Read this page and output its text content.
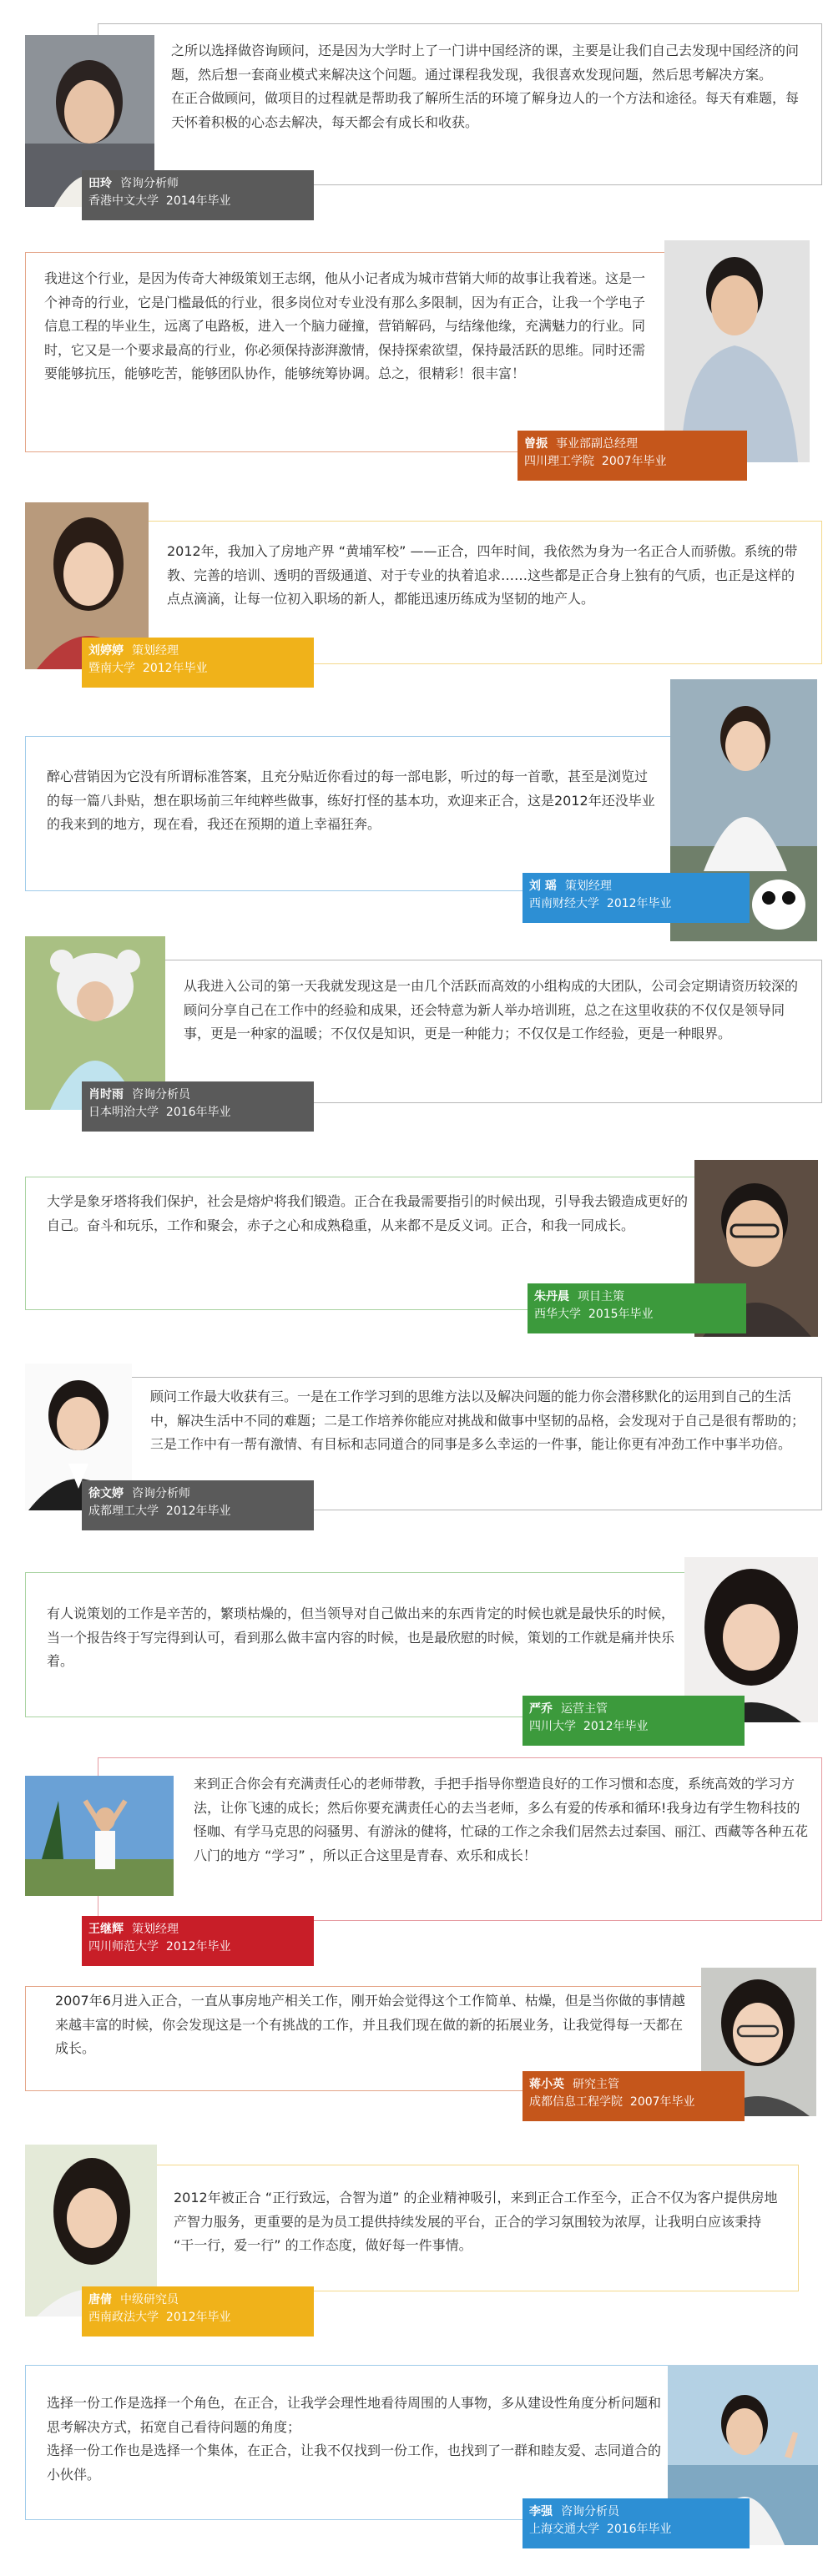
田玲 咨询分析师
香港中文大学 2014年毕业

之所以选择做咨询顾问，还是因为大学时上了一门讲中国经济的课，主要是让我们自己去发现中国经济的问题，然后想一套商业模式来解决这个问题。通过课程我发现，我很喜欢发现问题，然后思考解决方案。

在正合做顾问，做项目的过程就是帮助我了解所生活的环境了解身边人的一个方法和途径。每天有难题，每天怀着积极的心态去解决，每天都会有成长和收获。

曾振 事业部副总经理
四川理工学院 2007年毕业

我进这个行业，是因为传奇大神级策划王志纲，他从小记者成为城市营销大师的故事让我着迷。这是一个神奇的行业，它是门槛最低的行业，很多岗位对专业没有那么多限制，因为有正合，让我一个学电子信息工程的毕业生，远离了电路板，进入一个脑力碰撞，营销解码，与结缘他缘，充满魅力的行业。同时，它又是一个要求最高的行业，你必须保持澎湃激情，保持探索欲望，保持最活跃的思维。同时还需要能够抗压，能够吃苦，能够团队协作，能够统筹协调。总之，很精彩！很丰富！

刘婷婷 策划经理
暨南大学 2012年毕业

2012年，我加入了房地产界 “黄埔军校” ——正合，四年时间，我依然为身为一名正合人而骄傲。系统的带教、完善的培训、透明的晋级通道、对于专业的执着追求……这些都是正合身上独有的气质，也正是这样的点点滴滴，让每一位初入职场的新人，都能迅速历练成为坚韧的地产人。

刘 瑶 策划经理
西南财经大学 2012年毕业

醉心营销因为它没有所谓标准答案，且充分贴近你看过的每一部电影，听过的每一首歌，甚至是浏览过的每一篇八卦贴，想在职场前三年纯粹些做事，练好打怪的基本功，欢迎来正合，这是2012年还没毕业的我来到的地方，现在看，我还在预期的道上幸福狂奔。

肖时雨 咨询分析员
日本明治大学 2016年毕业

从我进入公司的第一天我就发现这是一由几个活跃而高效的小组构成的大团队，公司会定期请资历较深的顾问分享自己在工作中的经验和成果，还会特意为新人举办培训班，总之在这里收获的不仅仅是领导同事，更是一种家的温暖；不仅仅是知识，更是一种能力；不仅仅是工作经验，更是一种眼界。

朱丹晨 项目主策
西华大学 2015年毕业

大学是象牙塔将我们保护，社会是熔炉将我们锻造。正合在我最需要指引的时候出现，引导我去锻造成更好的自己。奋斗和玩乐，工作和聚会，赤子之心和成熟稳重，从来都不是反义词。正合，和我一同成长。

徐文婷 咨询分析师
成都理工大学 2012年毕业

顾问工作最大收获有三。一是在工作学习到的思维方法以及解决问题的能力你会潜移默化的运用到自己的生活中，解决生活中不同的难题；二是工作培养你能应对挑战和做事中坚韧的品格，会发现对于自己是很有帮助的；三是工作中有一帮有激情、有目标和志同道合的同事是多么幸运的一件事，能让你更有冲劲工作中事半功倍。

严乔 运营主管
四川大学 2012年毕业

有人说策划的工作是辛苦的，繁琐枯燥的，但当领导对自己做出来的东西肯定的时候也就是最快乐的时候，当一个报告终于写完得到认可，看到那么做丰富内容的时候，也是最欣慰的时候，策划的工作就是痛并快乐着。

王继辉 策划经理
四川师范大学 2012年毕业

来到正合你会有充满责任心的老师带教，手把手指导你塑造良好的工作习惯和态度，系统高效的学习方法，让你飞速的成长；然后你要充满责任心的去当老师，多么有爱的传承和循环!我身边有学生物科技的怪咖、有学马克思的闷骚男、有游泳的健将，忙碌的工作之余我们居然去过泰国、丽江、西藏等各种五花八门的地方 “学习” ，所以正合这里是青春、欢乐和成长！

蒋小英 研究主管
成都信息工程学院 2007年毕业

2007年6月进入正合，一直从事房地产相关工作，刚开始会觉得这个工作简单、枯燥，但是当你做的事情越来越丰富的时候，你会发现这是一个有挑战的工作，并且我们现在做的新的拓展业务，让我觉得每一天都在成长。

唐倩 中级研究员
西南政法大学 2012年毕业

2012年被正合 “正行致远，合智为道” 的企业精神吸引，来到正合工作至今，正合不仅为客户提供房地产智力服务，更重要的是为员工提供持续发展的平台，正合的学习氛围较为浓厚，让我明白应该秉持 “干一行，爱一行” 的工作态度，做好每一件事情。

李强 咨询分析员
上海交通大学 2016年毕业

选择一份工作是选择一个角色，在正合，让我学会理性地看待周围的人事物，多从建设性角度分析问题和思考解决方式，拓宽自己看待问题的角度；

选择一份工作也是选择一个集体，在正合，让我不仅找到一份工作，也找到了一群和睦友爱、志同道合的小伙伴。
